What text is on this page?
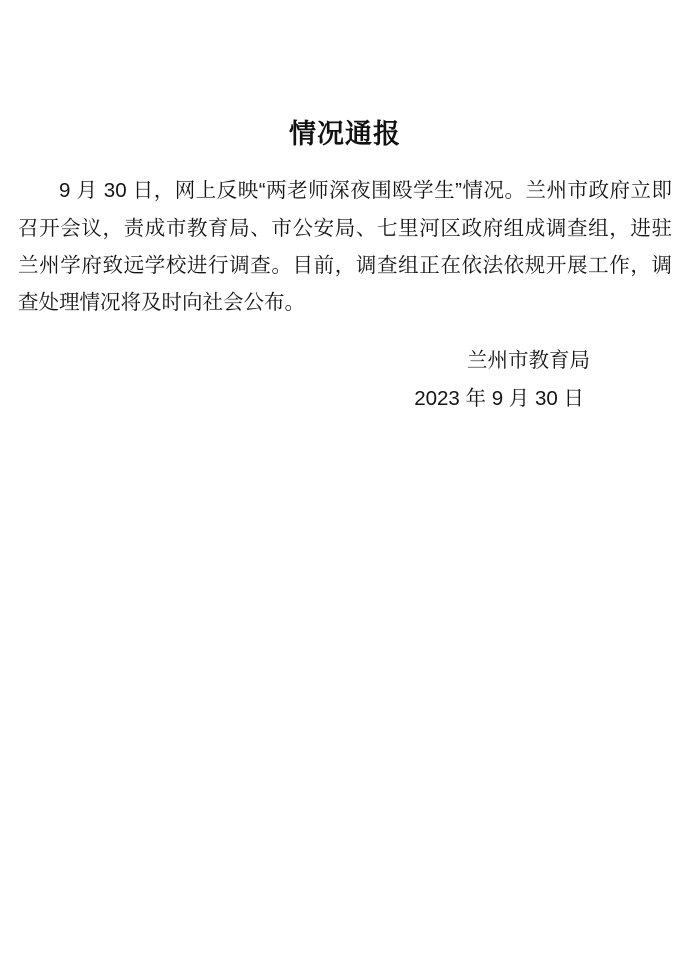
情况通报

9 月 30 日，网上反映“两老师深夜围殴学生”情况。兰州市政府立即召开会议，责成市教育局、市公安局、七里河区政府组成调查组，进驻兰州学府致远学校进行调查。目前，调查组正在依法依规开展工作，调查处理情况将及时向社会公布。

兰州市教育局
2023 年 9 月 30 日
